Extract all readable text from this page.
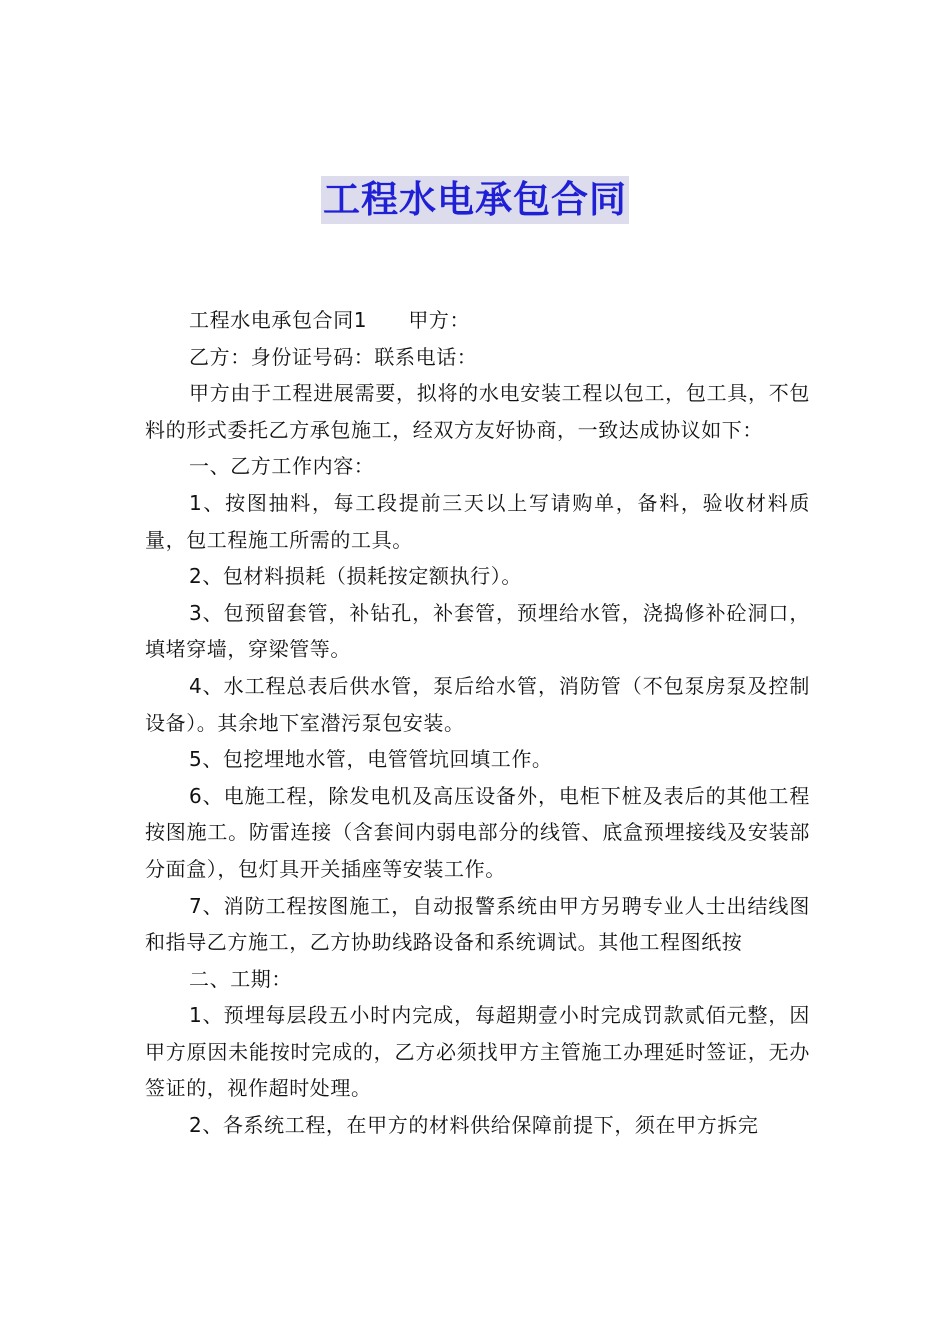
工程水电承包合同

工程水电承包合同1　　甲方：

乙方：身份证号码：联系电话：

甲方由于工程进展需要，拟将的水电安装工程以包工，包工具，不包料的形式委托乙方承包施工，经双方友好协商，一致达成协议如下：

一、乙方工作内容：

1、按图抽料，每工段提前三天以上写请购单，备料，验收材料质量，包工程施工所需的工具。

2、包材料损耗（损耗按定额执行）。

3、包预留套管，补钻孔，补套管，预埋给水管，浇捣修补砼洞口，填堵穿墙，穿梁管等。

4、水工程总表后供水管，泵后给水管，消防管（不包泵房泵及控制设备）。其余地下室潜污泵包安装。

5、包挖埋地水管，电管管坑回填工作。

6、电施工程，除发电机及高压设备外，电柜下桩及表后的其他工程按图施工。防雷连接（含套间内弱电部分的线管、底盒预埋接线及安装部分面盒），包灯具开关插座等安装工作。

7、消防工程按图施工，自动报警系统由甲方另聘专业人士出结线图和指导乙方施工，乙方协助线路设备和系统调试。其他工程图纸按

二、工期：

1、预埋每层段五小时内完成，每超期壹小时完成罚款贰佰元整，因甲方原因未能按时完成的，乙方必须找甲方主管施工办理延时签证，无办签证的，视作超时处理。

2、各系统工程，在甲方的材料供给保障前提下，须在甲方拆完
